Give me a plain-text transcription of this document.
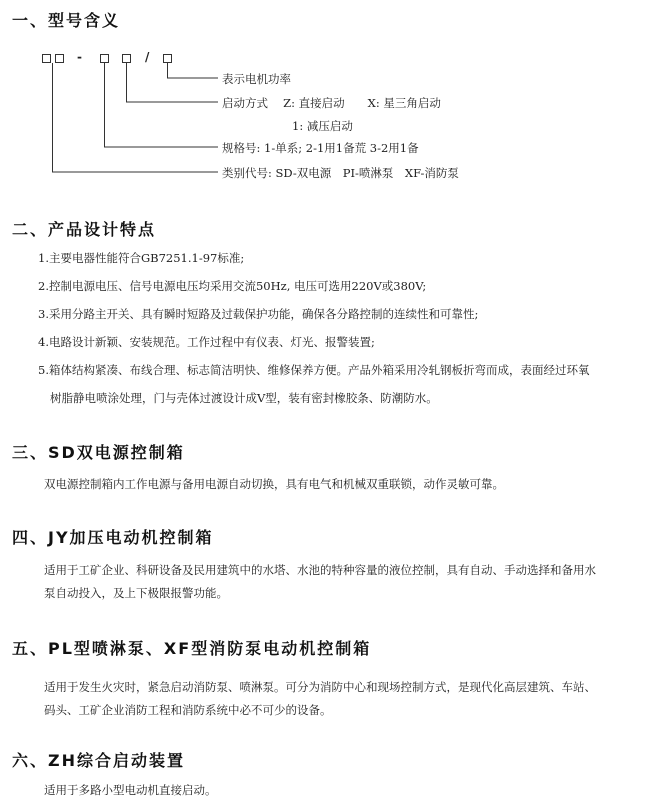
一、型号含义
-	/

表示电机功率

启动方式　 Z: 直接启动　　X: 星三角启动

1: 减压启动

规格号: 1-单系; 2-1用1备荒 3-2用1备

类别代号: SD-双电源　PI-喷淋泵　XF-消防泵

二、产品设计特点

1.主要电器性能符合GB7251.1-97标准;

2.控制电源电压、信号电源电压均采用交流50Hz, 电压可选用220V或380V;

3.采用分路主开关、具有瞬时短路及过载保护功能，确保各分路控制的连续性和可靠性;

4.电路设计新颖、安装规范。工作过程中有仪表、灯光、报警装置;

5.箱体结构紧凑、布线合理、标志简洁明快、维修保养方便。产品外箱采用冷轧钢板折弯而成，表面经过环氧

树脂静电喷涂处理，门与壳体过渡设计成V型，装有密封橡胶条、防潮防水。

三、SD双电源控制箱

双电源控制箱内工作电源与备用电源自动切换，具有电气和机械双重联锁，动作灵敏可靠。

四、JY加压电动机控制箱

适用于工矿企业、科研设备及民用建筑中的水塔、水池的特种容量的液位控制，具有自动、手动选择和备用水

泵自动投入，及上下极限报警功能。

五、PL型喷淋泵、XF型消防泵电动机控制箱

适用于发生火灾时，紧急启动消防泵、喷淋泵。可分为消防中心和现场控制方式，是现代化高层建筑、车站、

码头、工矿企业消防工程和消防系统中必不可少的设备。

六、ZH综合启动装置

适用于多路小型电动机直接启动。
